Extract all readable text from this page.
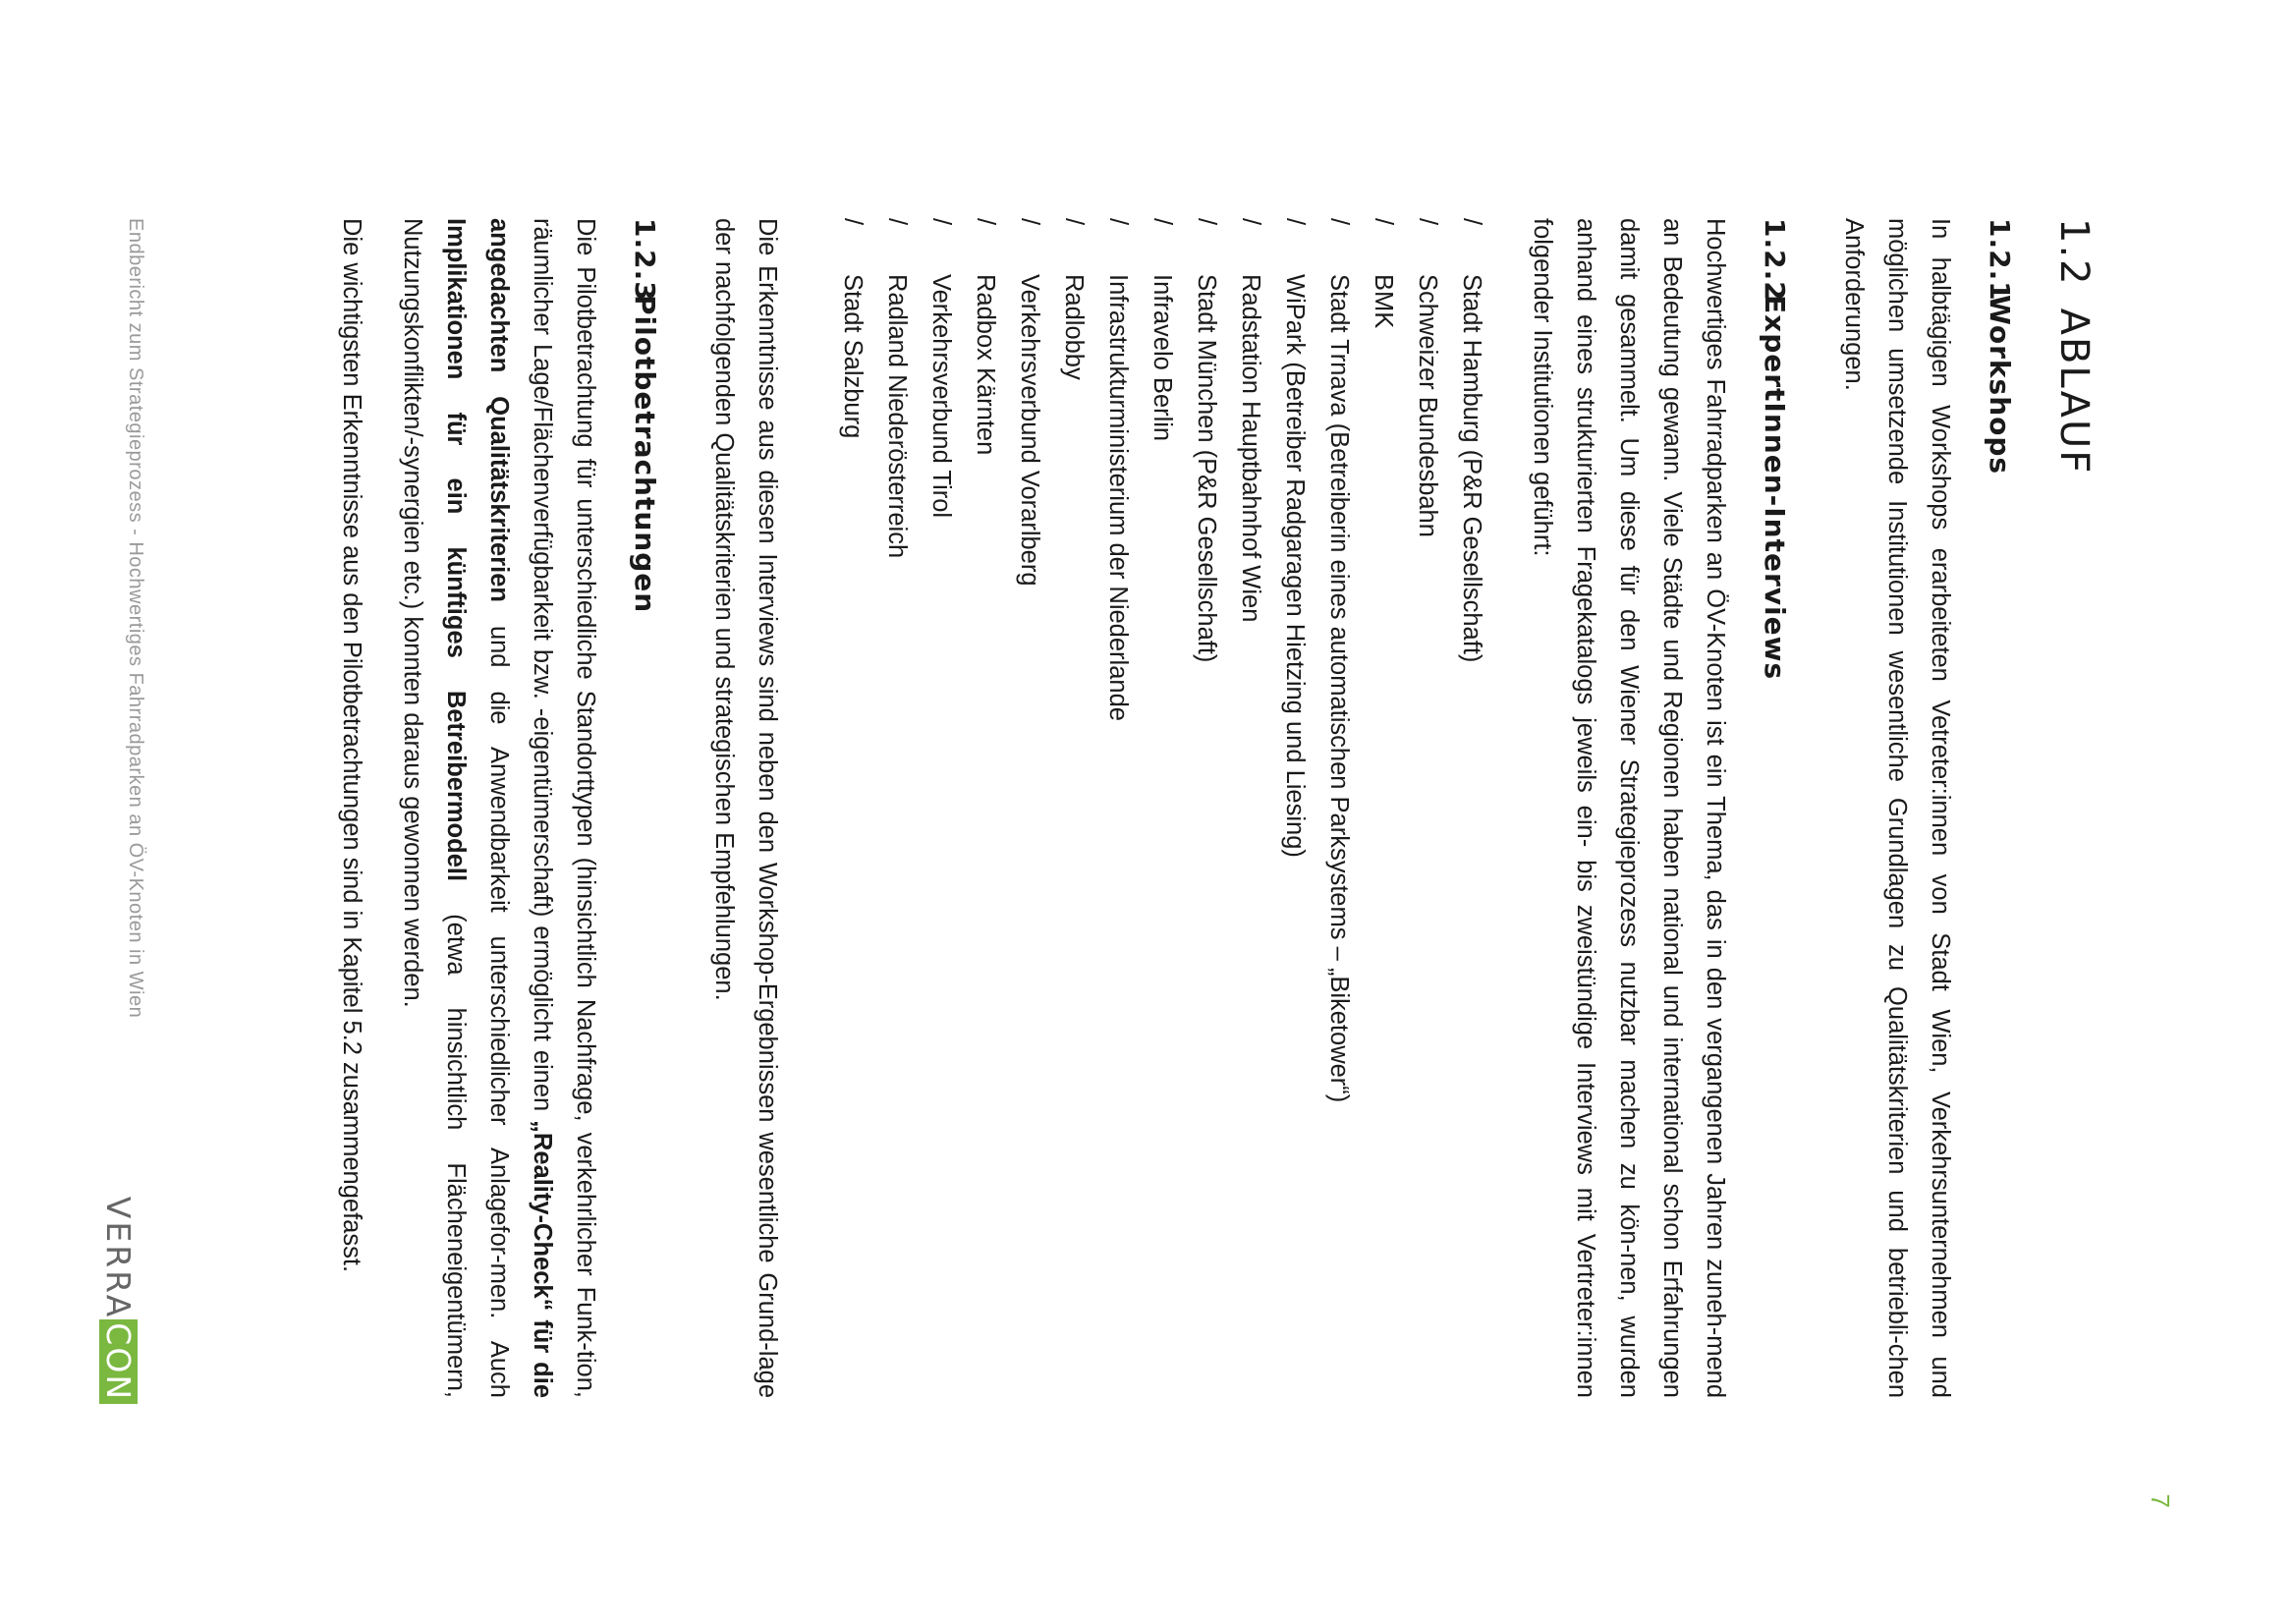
7
1.2ABLAUF
1.2.1Workshops

In halbtägigen Workshops erarbeiteten Vetreter:innen von Stadt Wien, Verkehrsunternehmen und möglichen umsetzende Institutionen wesentliche Grundlagen zu Qualitätskriterien und betriebli-chen Anforderungen.

1.2.2ExpertInnen-Interviews

Hochwertiges Fahrradparken an ÖV-Knoten ist ein Thema, das in den vergangenen Jahren zuneh-mend an Bedeutung gewann. Viele Städte und Regionen haben national und international schon Erfahrungen damit gesammelt. Um diese für den Wiener Strategieprozess nutzbar machen zu kön-nen, wurden anhand eines strukturierten Fragekatalogs jeweils ein- bis zweistündige Interviews mit Vertreter:innen folgender Institutionen geführt:

/
Stadt Hamburg (P&R Gesellschaft)
/
Schweizer Bundesbahn
/
BMK
/
Stadt Trnava (Betreiberin eines automatischen Parksystems – „Biketower“)
/
WiPark (Betreiber Radgaragen Hietzing und Liesing)
/
Radstation Hauptbahnhof Wien
/
Stadt München (P&R Gesellschaft)
/
Infravelo Berlin
/
Infrastrukturministerium der Niederlande
/
Radlobby
/
Verkehrsverbund Vorarlberg
/
Radbox Kärnten
/
Verkehrsverbund Tirol
/
Radland Niederösterreich
/
Stadt Salzburg

Die Erkenntnisse aus diesen Interviews sind neben den Workshop-Ergebnissen wesentliche Grund-lage der nachfolgenden Qualitätskriterien und strategischen Empfehlungen.

1.2.3Pilotbetrachtungen

Die Pilotbetrachtung für unterschiedliche Standorttypen (hinsichtlich Nachfrage, verkehrlicher Funk-tion, räumlicher Lage/Flächenverfügbarkeit bzw. -eigentümerschaft) ermöglicht einen „Reality-Check“ für die angedachten Qualitätskriterien und die Anwendbarkeit unterschiedlicher Anlagefor-men. Auch Implikationen für ein künftiges Betreibermodell (etwa hinsichtlich Flächeneigentümern, Nutzungskonflikten/-synergien etc.) konnten daraus gewonnen werden.

Die wichtigsten Erkenntnisse aus den Pilotbetrachtungen sind in Kapitel 5.2 zusammengefasst.

Endbericht zum Strategieprozess - Hochwertiges Fahrradparken an ÖV-Knoten in Wien
VERRA
CON
